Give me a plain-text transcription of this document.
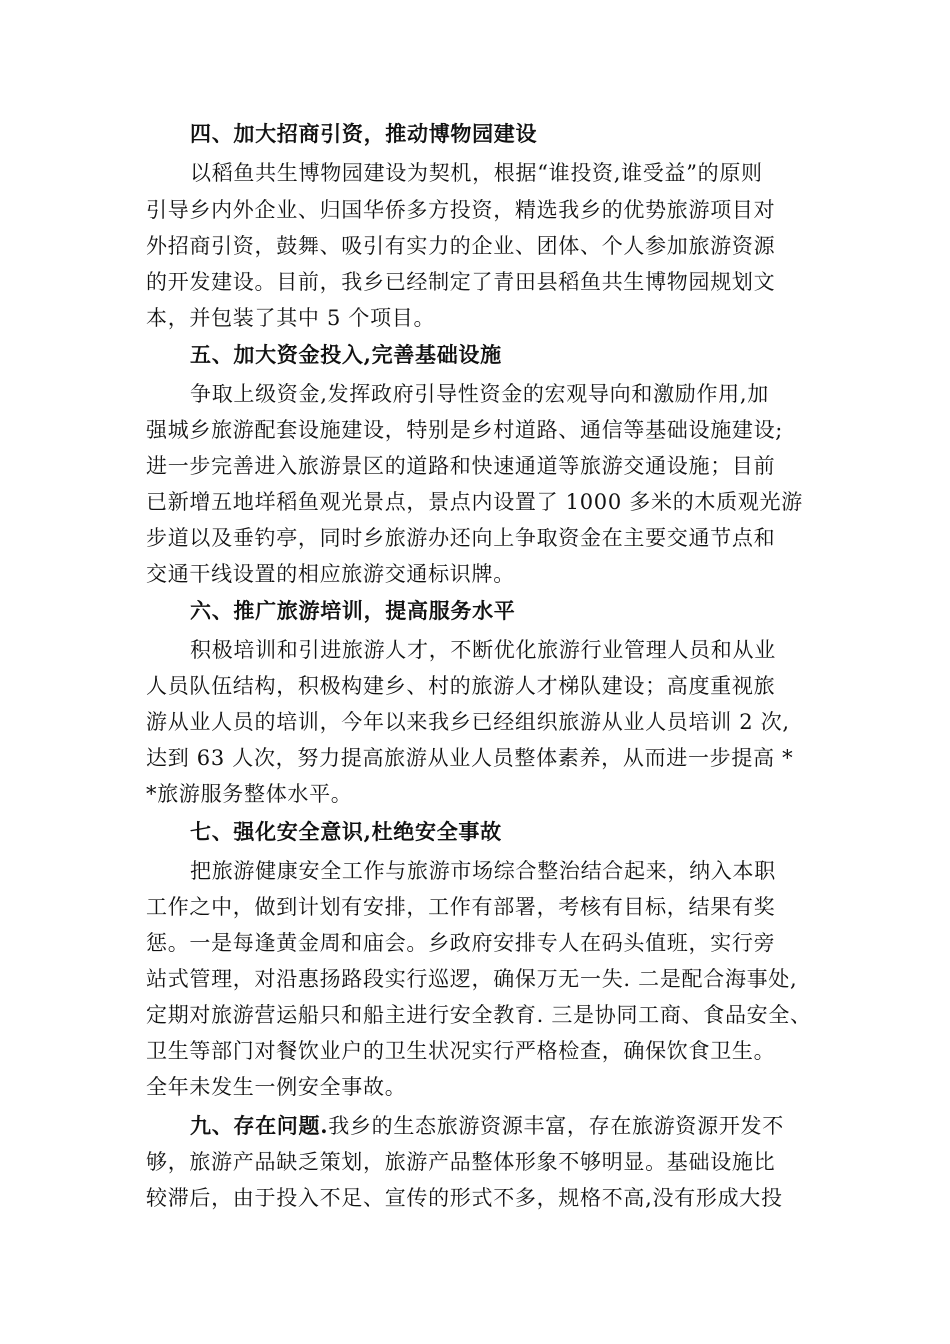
四、加大招商引资，推动博物园建设
以稻鱼共生博物园建设为契机，根据“谁投资,谁受益”的原则
引导乡内外企业、归国华侨多方投资，精选我乡的优势旅游项目对
外招商引资，鼓舞、吸引有实力的企业、团体、个人参加旅游资源
的开发建设。目前，我乡已经制定了青田县稻鱼共生博物园规划文
本，并包装了其中 5 个项目。
五、加大资金投入,完善基础设施
争取上级资金,发挥政府引导性资金的宏观导向和激励作用,加
强城乡旅游配套设施建设，特别是乡村道路、通信等基础设施建设;
进一步完善进入旅游景区的道路和快速通道等旅游交通设施；目前
已新增五地垟稻鱼观光景点，景点内设置了 1000 多米的木质观光游
步道以及垂钓亭，同时乡旅游办还向上争取资金在主要交通节点和
交通干线设置的相应旅游交通标识牌。
六、推广旅游培训，提高服务水平
积极培训和引进旅游人才，不断优化旅游行业管理人员和从业
人员队伍结构，积极构建乡、村的旅游人才梯队建设；高度重视旅
游从业人员的培训，今年以来我乡已经组织旅游从业人员培训 2 次,
达到 63 人次，努力提高旅游从业人员整体素养，从而进一步提高 *
*旅游服务整体水平。
七、强化安全意识,杜绝安全事故
把旅游健康安全工作与旅游市场综合整治结合起来，纳入本职
工作之中，做到计划有安排，工作有部署，考核有目标，结果有奖
惩。一是每逢黄金周和庙会。乡政府安排专人在码头值班，实行旁
站式管理，对沿惠扬路段实行巡逻，确保万无一失. 二是配合海事处,
定期对旅游营运船只和船主进行安全教育. 三是协同工商、食品安全、
卫生等部门对餐饮业户的卫生状况实行严格检查，确保饮食卫生。
全年未发生一例安全事故。
九、存在问题.我乡的生态旅游资源丰富，存在旅游资源开发不
够，旅游产品缺乏策划，旅游产品整体形象不够明显。基础设施比
较滞后，由于投入不足、宣传的形式不多，规格不高,没有形成大投
